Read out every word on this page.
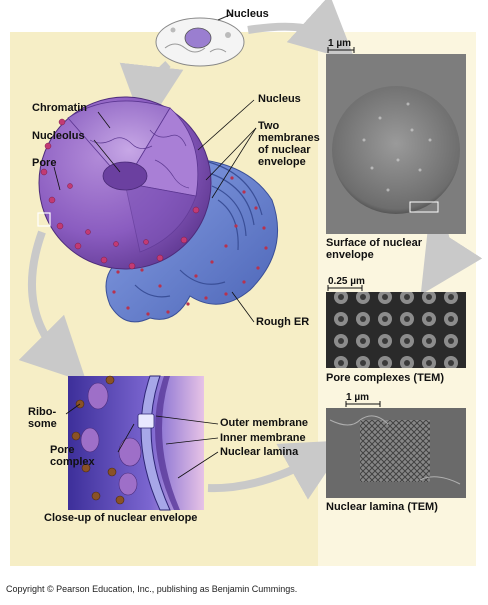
Nucleus
Chromatin
Nucleolus
Pore
Nucleus
Two membranes of nuclear envelope
Rough ER
Ribo- some
Pore complex
Outer membrane
Inner membrane
Nuclear lamina
Close-up of nuclear envelope
1 µm
Surface of nuclear envelope
0.25 µm
Pore complexes (TEM)
1 µm
Nuclear lamina (TEM)
Copyright © Pearson Education, Inc., publishing as Benjamin Cummings.
